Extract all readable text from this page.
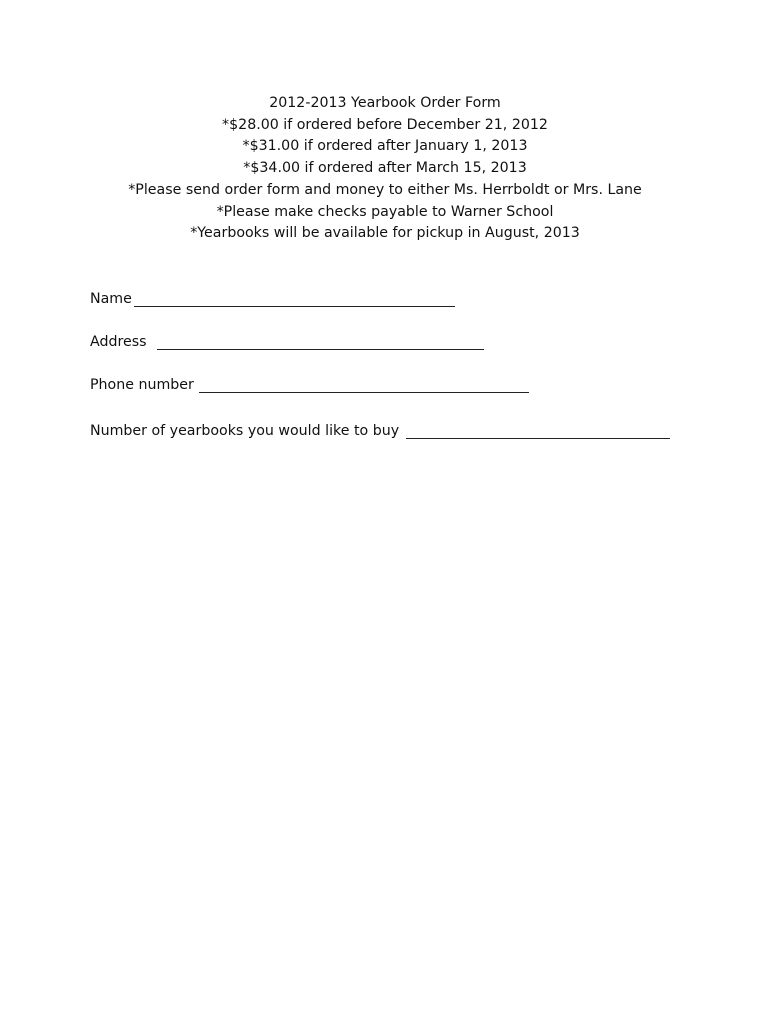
2012-2013 Yearbook Order Form
*$28.00 if ordered before December 21, 2012
*$31.00 if ordered after January 1, 2013
*$34.00 if ordered after March 15, 2013
*Please send order form and money to either Ms. Herrboldt or Mrs. Lane
*Please make checks payable to Warner School
*Yearbooks will be available for pickup in August, 2013
Name
Address
Phone number
Number of yearbooks you would like to buy
